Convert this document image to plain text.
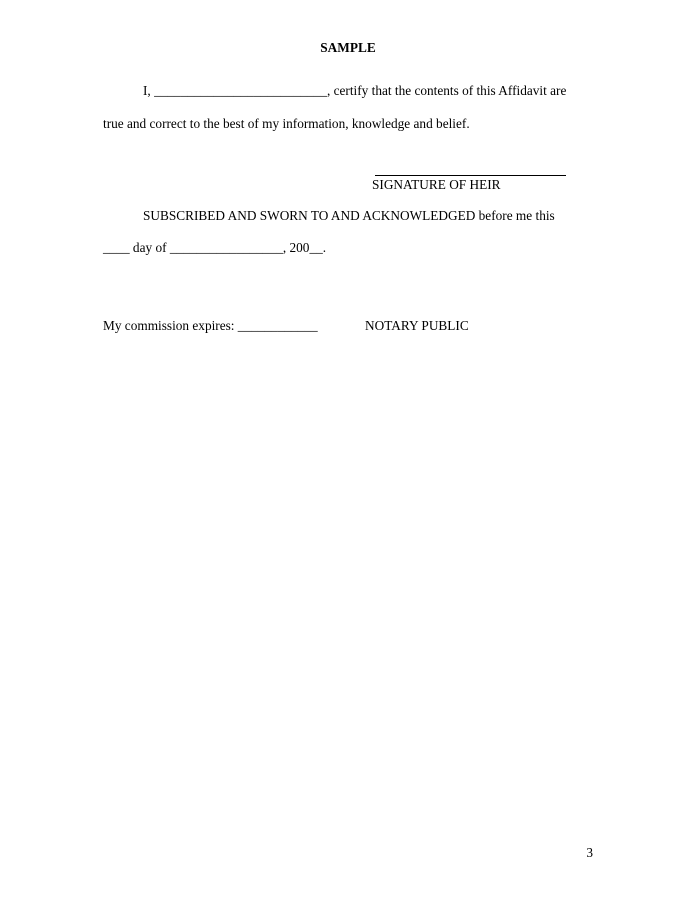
SAMPLE
I, __________________________, certify that the contents of this Affidavit are
true and correct to the best of my information, knowledge and belief.
SIGNATURE OF HEIR
SUBSCRIBED AND SWORN TO AND ACKNOWLEDGED before me this
____ day of _________________, 200__.
My commission expires: ____________	NOTARY PUBLIC
3
